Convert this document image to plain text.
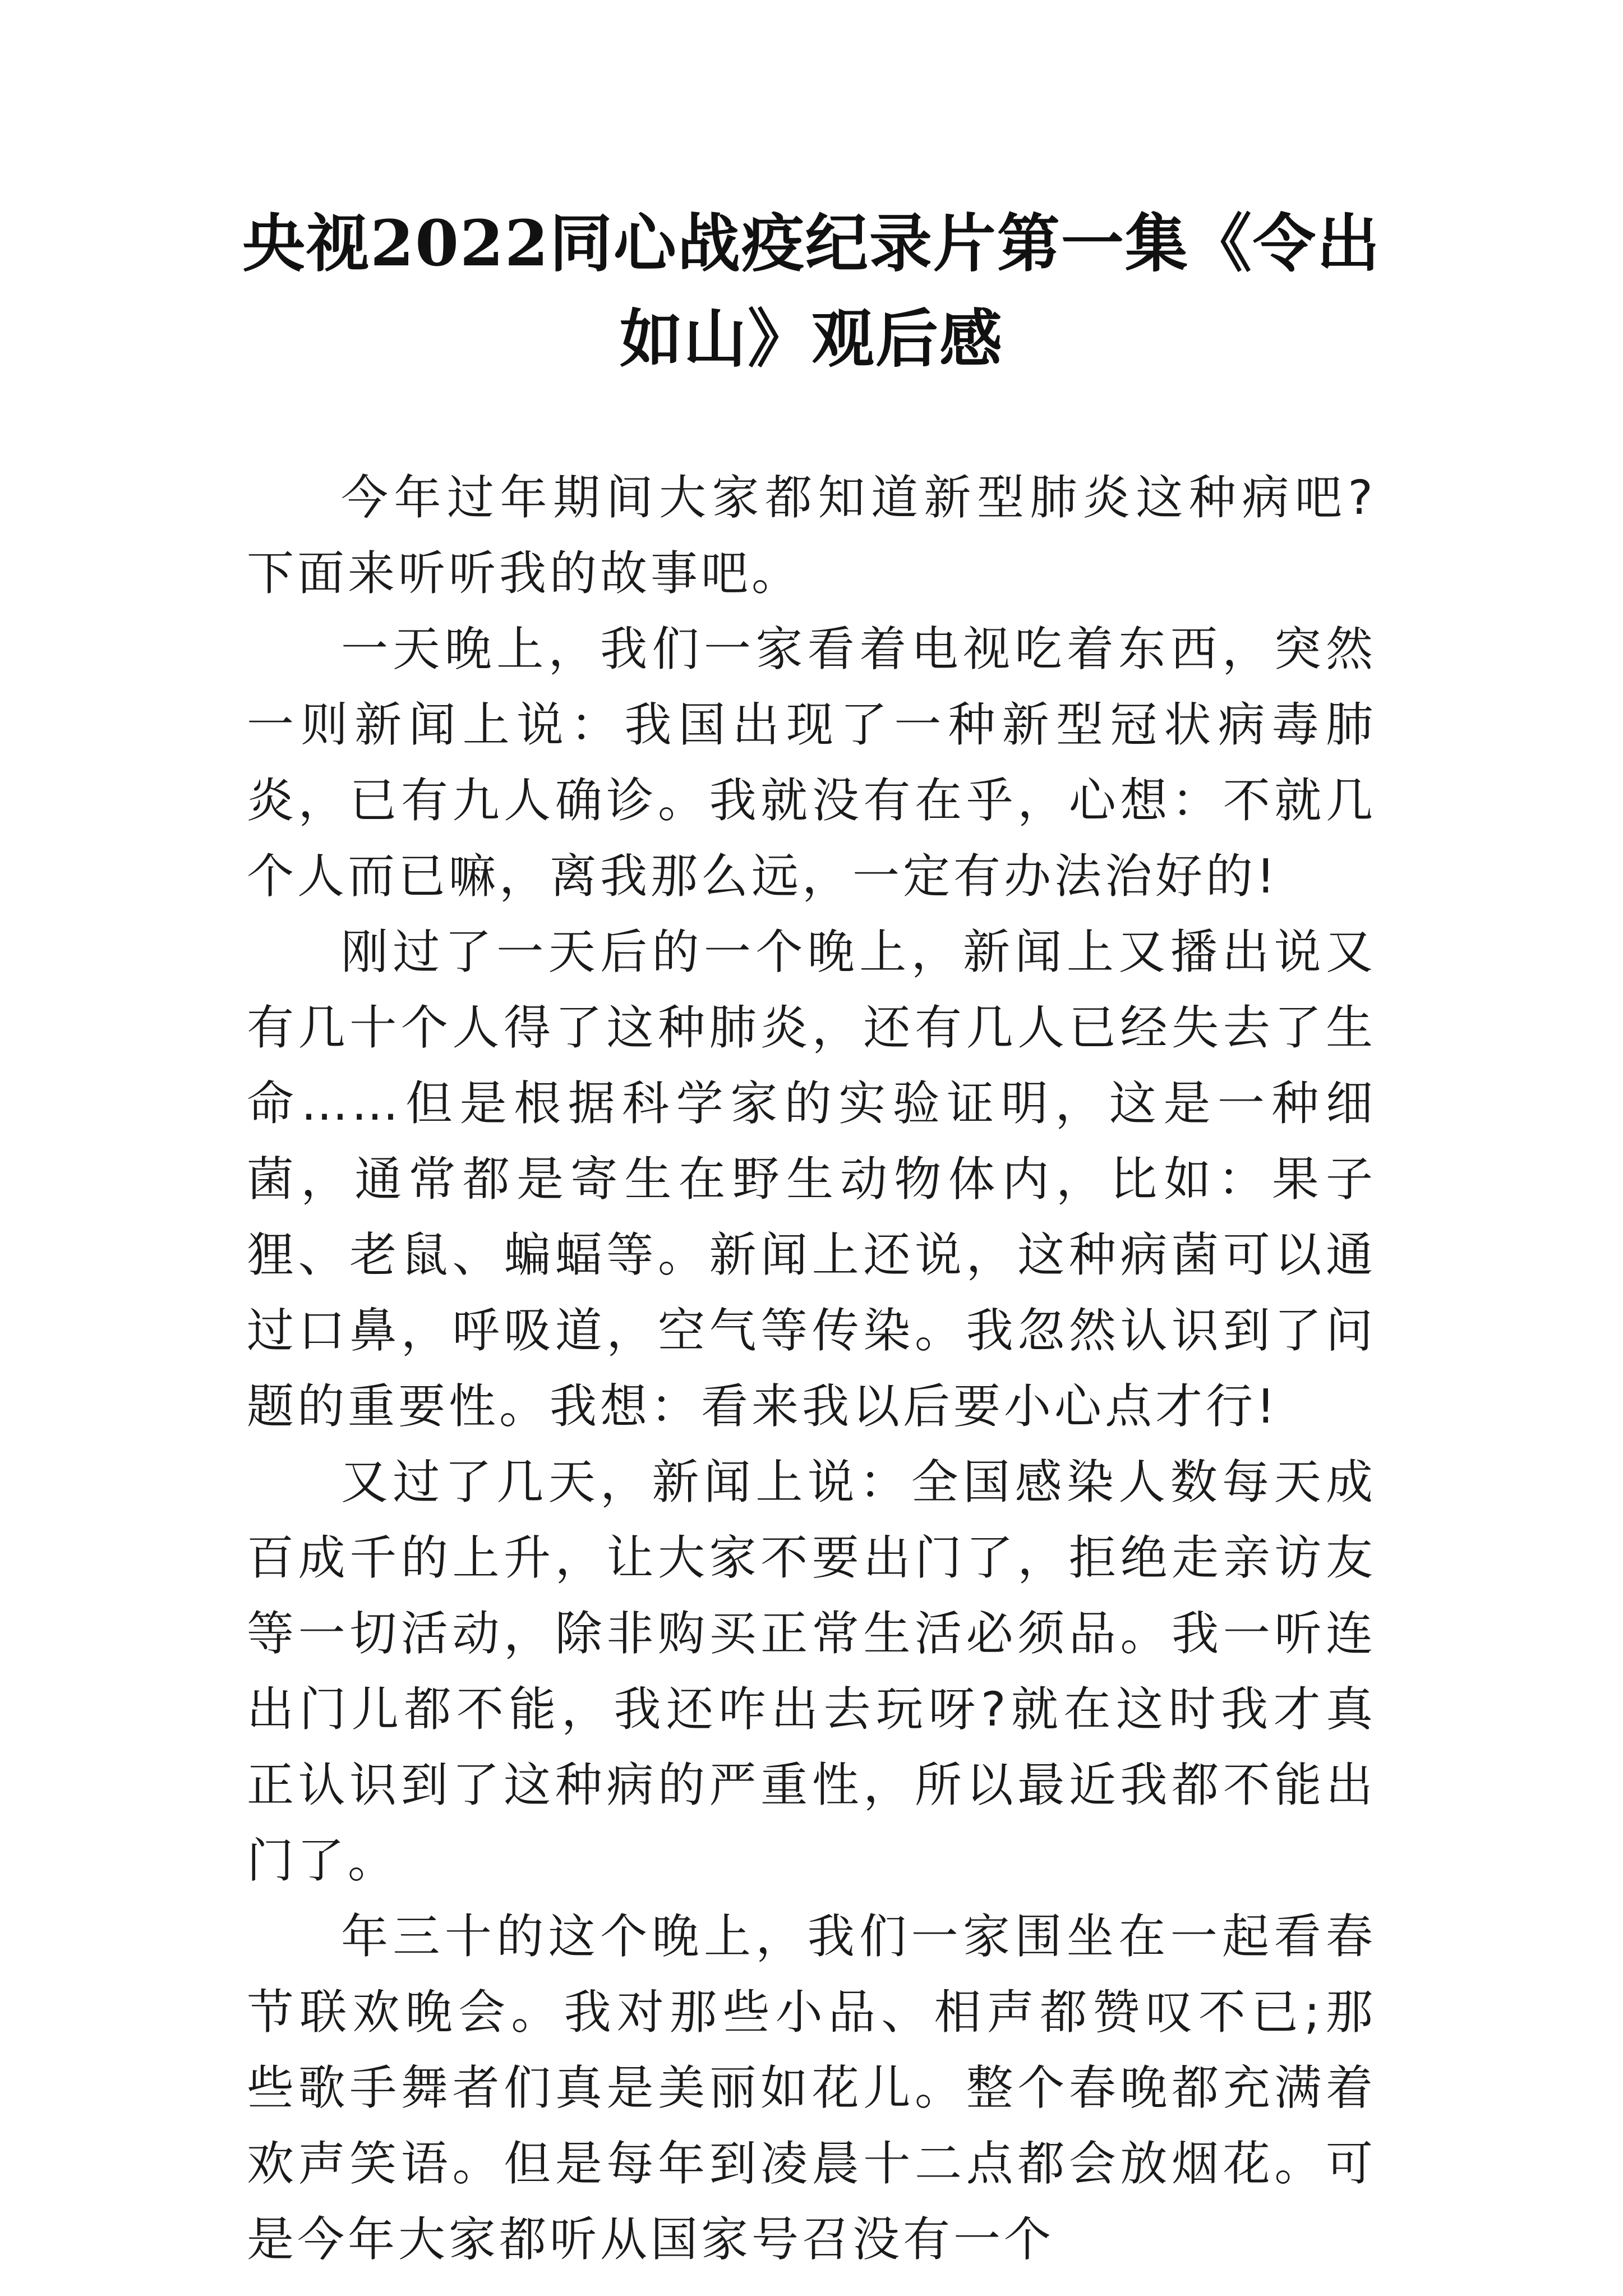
央视2022同心战疫纪录片第一集《令出如山》观后感

今年过年期间大家都知道新型肺炎这种病吧?下面来听听我的故事吧。

一天晚上，我们一家看着电视吃着东西，突然一则新闻上说：我国出现了一种新型冠状病毒肺炎，已有九人确诊。我就没有在乎，心想：不就几个人而已嘛，离我那么远，一定有办法治好的!

刚过了一天后的一个晚上，新闻上又播出说又有几十个人得了这种肺炎，还有几人已经失去了生命……但是根据科学家的实验证明，这是一种细菌，通常都是寄生在野生动物体内，比如：果子狸、老鼠、蝙蝠等。新闻上还说，这种病菌可以通过口鼻，呼吸道，空气等传染。我忽然认识到了问题的重要性。我想：看来我以后要小心点才行!

又过了几天，新闻上说：全国感染人数每天成百成千的上升，让大家不要出门了，拒绝走亲访友等一切活动，除非购买正常生活必须品。我一听连出门儿都不能，我还咋出去玩呀?就在这时我才真正认识到了这种病的严重性，所以最近我都不能出门了。

年三十的这个晚上，我们一家围坐在一起看春节联欢晚会。我对那些小品、相声都赞叹不已;那些歌手舞者们真是美丽如花儿。整个春晚都充满着欢声笑语。但是每年到凌晨十二点都会放烟花。可是今年大家都听从国家号召没有一个
